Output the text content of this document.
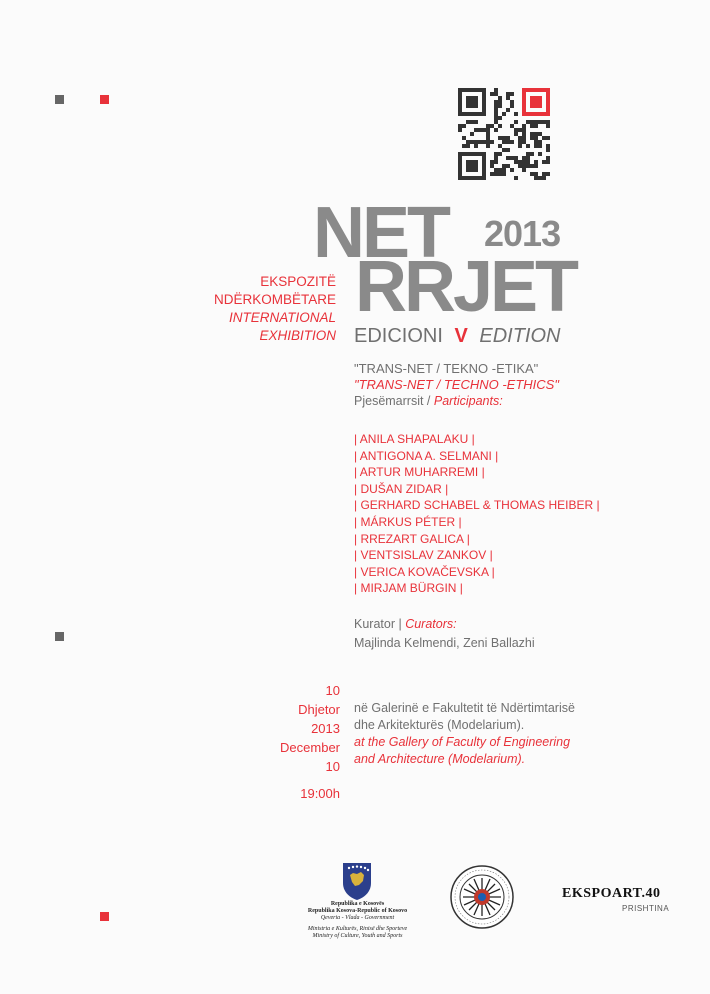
NET 2013
RRJET
EKSPOZITË
NDËRKOMBËTARE
INTERNATIONAL
EXHIBITION EDICIONI V EDITION
"TRANS-NET / TEKNO -ETIKA"
"TRANS-NET / TECHNO -ETHICS"
Pjesëmarrsit / Participants:
| ANILA SHAPALAKU |
| ANTIGONA A. SELMANI |
| ARTUR MUHARREMI |
| DUŠAN ZIDAR |
| GERHARD SCHABEL & THOMAS HEIBER |
| MÁRKUS PÉTER |
| RREZART GALICA |
| VENTSISLAV ZANKOV |
| VERICA KOVAČEVSKA |
| MIRJAM BÜRGIN |
Kurator | Curators:
Majlinda Kelmendi, Zeni Ballazhi
10
Dhjetor
2013
December
10
19:00h
në Galerinë e Fakultetit të Ndërtimtarisë
dhe Arkitekturës (Modelarium).
at the Gallery of Faculty of Engineering
and Architecture (Modelarium).
Republika e Kosovës
Republika Kosova-Republic of Kosovo
Qeveria - Vlada - Government
Ministria e Kulturës, Rinisë dhe Sporteve
Ministry of Culture, Youth and Sports
EKSPOART.40
PRISHTINA
